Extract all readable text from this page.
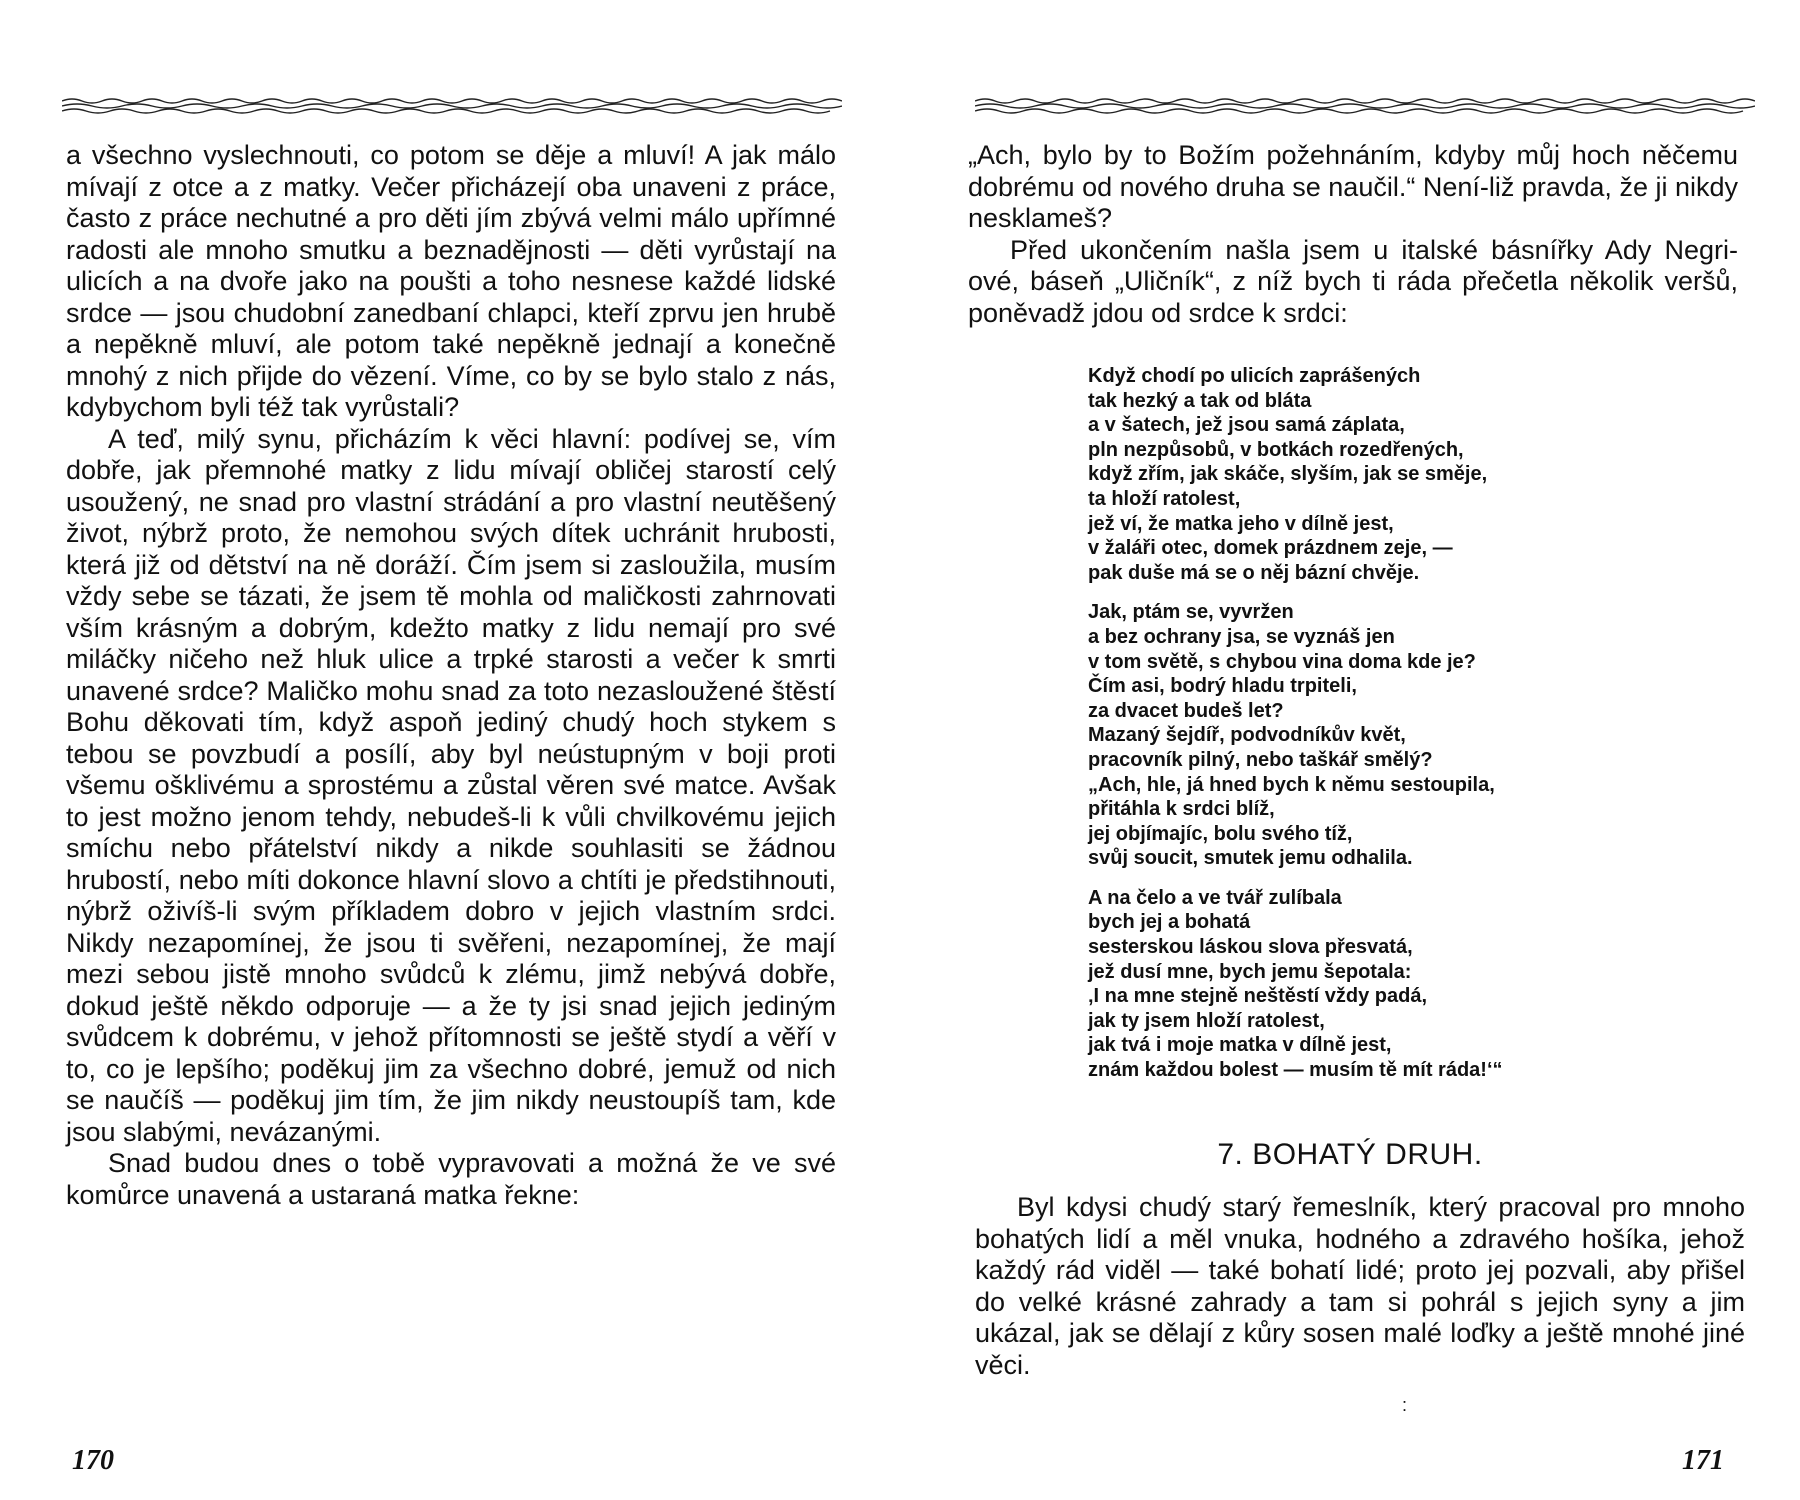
a všechno vyslechnouti, co potom se děje a mluví! A jak málo mívají z otce a z matky. Večer přicházejí oba unaveni z práce, často z práce nechutné a pro děti jím zbývá velmi málo upřímné radosti ale mnoho smutku a beznadějnosti — děti vyrůstají na ulicích a na dvoře jako na poušti a toho nesnese každé lidské srdce — jsou chudobní zanedbaní chlapci, kteří zprvu jen hrubě a nepěkně mluví, ale potom také nepěkně jednají a konečně mnohý z nich přijde do vězení. Víme, co by se bylo stalo z nás, kdybychom byli též tak vyrůstali?

A teď, milý synu, přicházím k věci hlavní: podívej se, vím dobře, jak přemnohé matky z lidu mívají obličej starostí celý usoužený, ne snad pro vlastní strádání a pro vlastní neutěšený život, nýbrž proto, že nemohou svých dítek uchránit hrubosti, která již od dětství na ně doráží. Čím jsem si zasloužila, musím vždy sebe se tázati, že jsem tě mohla od maličkosti zahrnovati vším krásným a dobrým, kdežto matky z lidu nemají pro své miláčky ničeho než hluk ulice a trpké starosti a večer k smrti unavené srdce? Maličko mohu snad za toto nezasloužené štěstí Bohu děkovati tím, když aspoň jediný chudý hoch stykem s tebou se povzbudí a posílí, aby byl neústupným v boji proti všemu ošklivému a sprostému a zůstal věren své matce. Avšak to jest možno jenom tehdy, nebudeš-li k vůli chvilkovému jejich smíchu nebo přátelství nikdy a nikde souhlasiti se žádnou hrubostí, nebo míti dokonce hlavní slovo a chtíti je předstihnouti, nýbrž oživíš-li svým příkladem dobro v jejich vlastním srdci. Nikdy nezapomínej, že jsou ti svěřeni, nezapomínej, že mají mezi sebou jistě mnoho svůdců k zlému, jimž nebývá dobře, dokud ještě někdo odporuje — a že ty jsi snad jejich jediným svůdcem k dobrému, v jehož přítomnosti se ještě stydí a věří v to, co je lepšího; poděkuj jim za všechno dobré, jemuž od nich se naučíš — poděkuj jim tím, že jim nikdy neustoupíš tam, kde jsou slabými, nevázanými.

Snad budou dnes o tobě vypravovati a možná že ve své komůrce unavená a ustaraná matka řekne:

170

„Ach, bylo by to Božím požehnáním, kdyby můj hoch něčemu dobrému od nového druha se naučil.“ Není-liž pravda, že ji nikdy nesklameš?

Před ukončením našla jsem u italské básnířky Ady Negri-ové, báseň „Uličník“, z níž bych ti ráda přečetla několik veršů, poněvadž jdou od srdce k srdci:

Když chodí po ulicích zaprášených
tak hezký a tak od bláta
a v šatech, jež jsou samá záplata,
pln nezpůsobů, v botkách rozedřených,
když zřím, jak skáče, slyším, jak se směje,
ta hloží ratolest,
jež ví, že matka jeho v dílně jest,
v žaláři otec, domek prázdnem zeje, —
pak duše má se o něj bázní chvěje.
Jak, ptám se, vyvržen
a bez ochrany jsa, se vyznáš jen
v tom světě, s chybou vina doma kde je?
Čím asi, bodrý hladu trpiteli,
za dvacet budeš let?
Mazaný šejdíř, podvodníkův květ,
pracovník pilný, nebo taškář smělý?
„Ach, hle, já hned bych k němu sestoupila,
přitáhla k srdci blíž,
jej objímajíc, bolu svého tíž,
svůj soucit, smutek jemu odhalila.
A na čelo a ve tvář zulíbala
bych jej a bohatá
sesterskou láskou slova přesvatá,
jež dusí mne, bych jemu šepotala:
‚I na mne stejně neštěstí vždy padá,
jak ty jsem hloží ratolest,
jak tvá i moje matka v dílně jest,
znám každou bolest — musím tě mít ráda!‘“
7. BOHATÝ DRUH.

Byl kdysi chudý starý řemeslník, který pracoval pro mnoho bohatých lidí a měl vnuka, hodného a zdravého hošíka, jehož každý rád viděl — také bohatí lidé; proto jej pozvali, aby přišel do velké krásné zahrady a tam si pohrál s jejich syny a jim ukázal, jak se dělají z kůry sosen malé loďky a ještě mnohé jiné věci.

:
171
